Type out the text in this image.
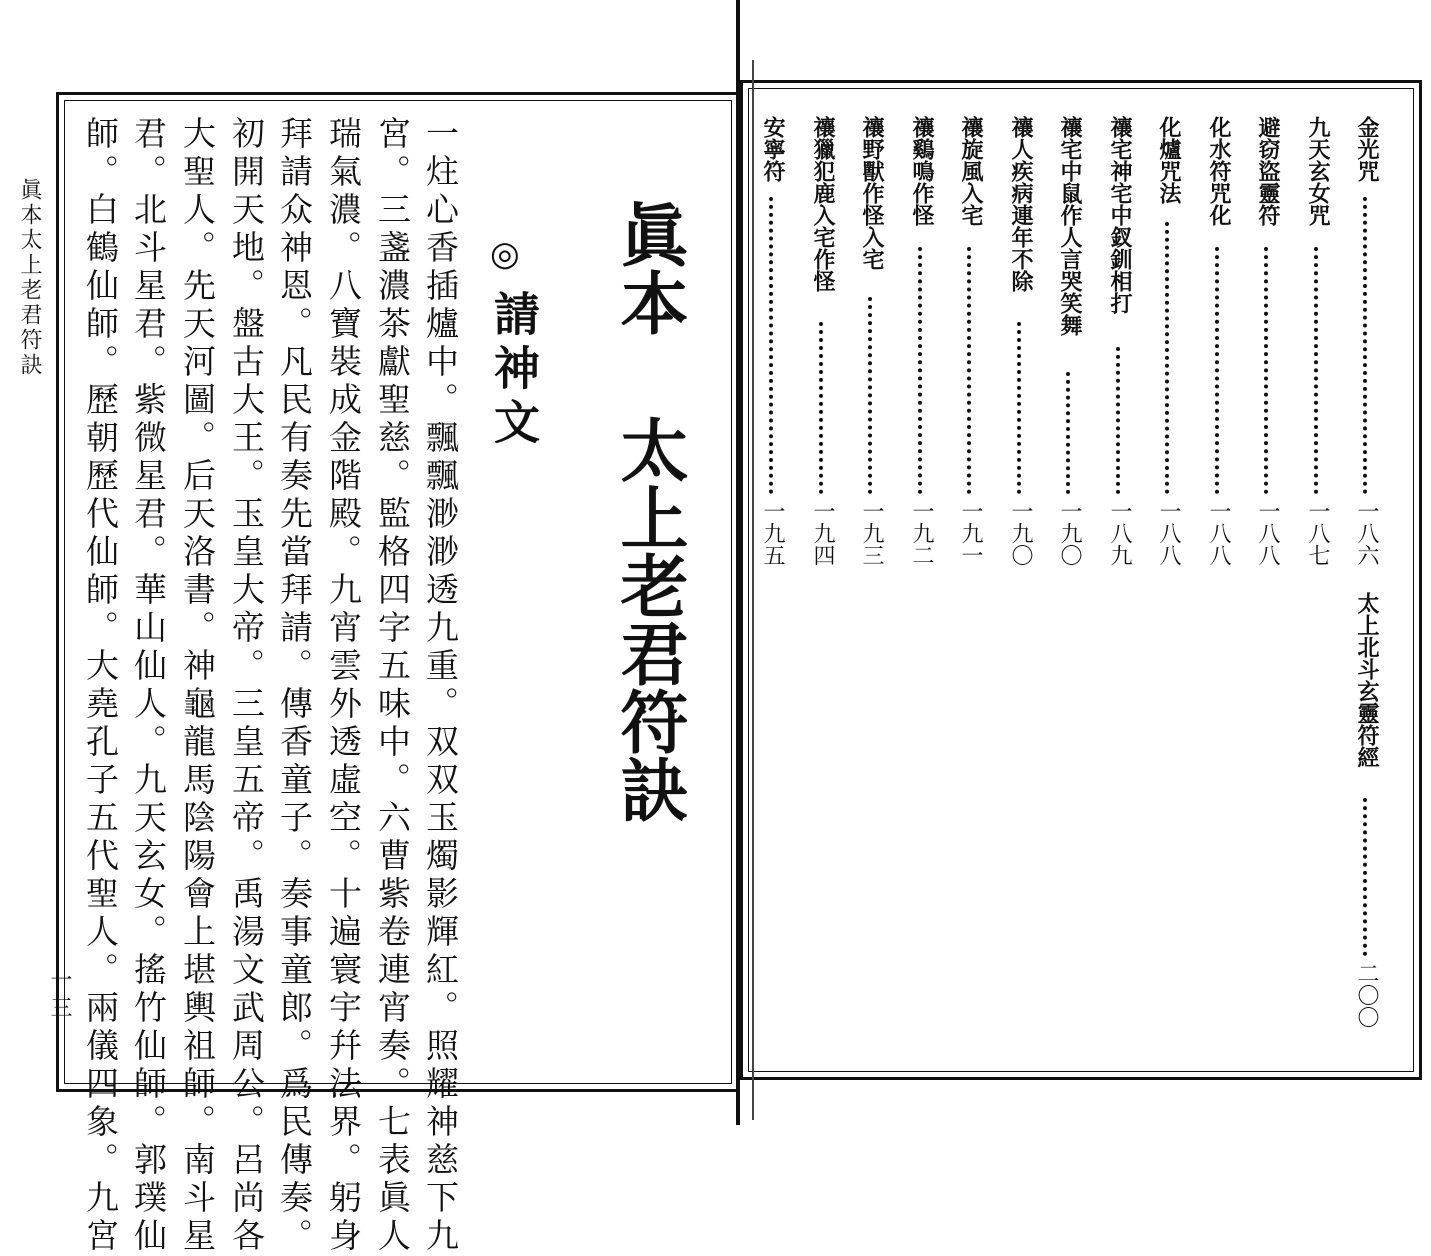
眞本太上老君符訣
一三
眞本 太上老君符訣
請神文
◎
一炷心香插爐中。飄飄渺渺透九重。双双玉燭影輝紅。照耀神慈下九
宮。三盞濃茶獻聖慈。監格四字五味中。六曹紫卷連宵奏。七表眞人
瑞氣濃。八寶裝成金階殿。九宵雲外透虛空。十遍寰宇幷法界。躬身
拜請众神恩。凡民有奏先當拜請。傳香童子。奏事童郎。爲民傳奏。
初開天地。盤古大王。玉皇大帝。三皇五帝。禹湯文武周公。呂尚各
大聖人。先天河圖。后天洛書。神龜龍馬陰陽會上堪輿祖師。南斗星
君。北斗星君。紫微星君。華山仙人。九天玄女。搖竹仙師。郭璞仙
師。白鶴仙師。歷朝歷代仙師。大堯孔子五代聖人。兩儀四象。九宮	金光咒
一八六
九天玄女咒
一八七
避窃盜靈符
一八八
化水符咒化
一八八
化爐咒法
一八八
禳宅神宅中釵釧相打
一八九
禳宅中鼠作人言哭笑舞
一九〇
禳人疾病連年不除
一九〇
禳旋風入宅
一九一
禳鷄鳴作怪
一九二
禳野獸作怪入宅
一九三
禳獵犯鹿入宅作怪
一九四
安寧符
一九五
太上北斗玄靈符經
二〇〇
